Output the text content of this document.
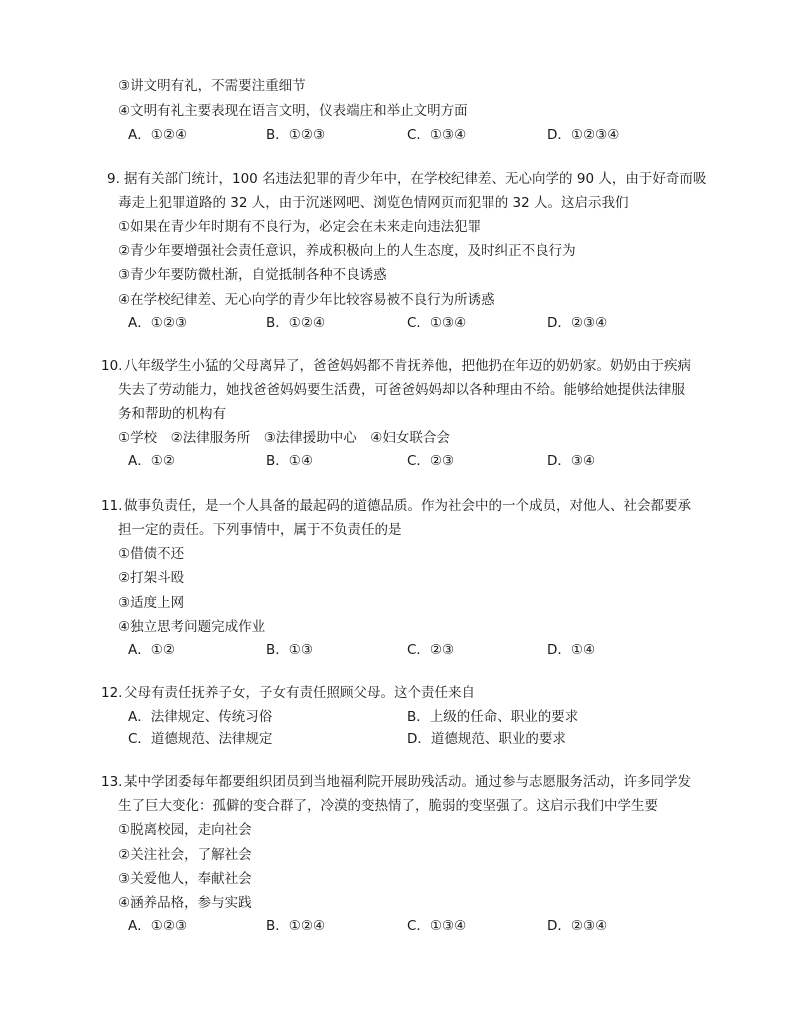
③讲文明有礼，不需要注重细节
④文明有礼主要表现在语言文明，仪表端庄和举止文明方面
A．①②④	B．①②③	C．①③④	D．①②③④
9. 据有关部门统计，100 名违法犯罪的青少年中，在学校纪律差、无心向学的 90 人，由于好奇而吸
毒走上犯罪道路的 32 人，由于沉迷网吧、浏览色情网页而犯罪的 32 人。这启示我们
①如果在青少年时期有不良行为，必定会在未来走向违法犯罪
②青少年要增强社会责任意识，养成积极向上的人生态度，及时纠正不良行为
③青少年要防微杜渐，自觉抵制各种不良诱惑
④在学校纪律差、无心向学的青少年比较容易被不良行为所诱惑
A．①②③	B．①②④	C．①③④	D．②③④
10. 八年级学生小猛的父母离异了，爸爸妈妈都不肯抚养他，把他扔在年迈的奶奶家。奶奶由于疾病
失去了劳动能力，她找爸爸妈妈要生活费，可爸爸妈妈却以各种理由不给。能够给她提供法律服
务和帮助的机构有
①学校　②法律服务所　③法律援助中心　④妇女联合会
A．①②	B．①④	C．②③	D．③④
11. 做事负责任，是一个人具备的最起码的道德品质。作为社会中的一个成员，对他人、社会都要承
担一定的责任。下列事情中，属于不负责任的是
①借债不还
②打架斗殴
③适度上网
④独立思考问题完成作业
A．①②	B．①③	C．②③	D．①④
12. 父母有责任抚养子女，子女有责任照顾父母。这个责任来自
A．法律规定、传统习俗	B．上级的任命、职业的要求
C．道德规范、法律规定	D．道德规范、职业的要求
13. 某中学团委每年都要组织团员到当地福利院开展助残活动。通过参与志愿服务活动，许多同学发
生了巨大变化：孤僻的变合群了，冷漠的变热情了，脆弱的变坚强了。这启示我们中学生要
①脱离校园，走向社会
②关注社会，了解社会
③关爱他人，奉献社会
④涵养品格，参与实践
A．①②③	B．①②④	C．①③④	D．②③④
